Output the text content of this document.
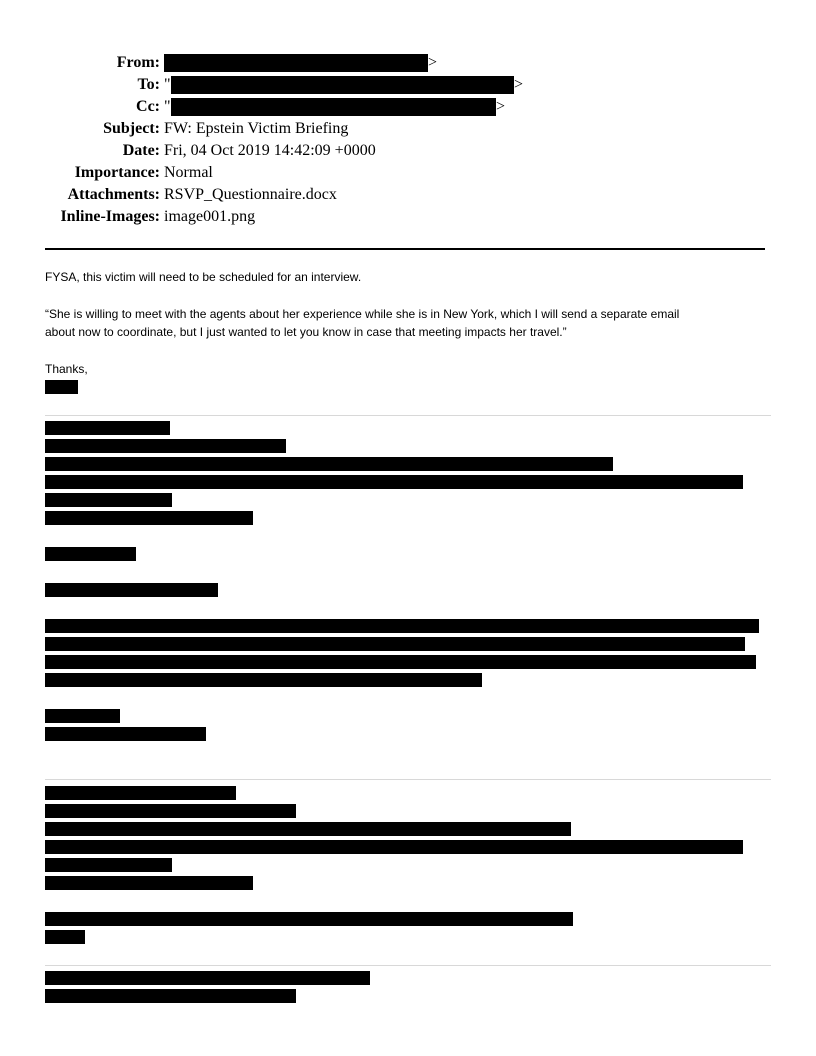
From:	>
To: "	>
Cc: "	>
Subject: FW: Epstein Victim Briefing
Date: Fri, 04 Oct 2019 14:42:09 +0000
Importance: Normal
Attachments: RSVP_Questionnaire.docx
Inline-Images: image001.png
FYSA, this victim will need to be scheduled for an interview.
“She is willing to meet with the agents about her experience while she is in New York, which I will send a separate email
about now to coordinate, but I just wanted to let you know in case that meeting impacts her travel.”
Thanks,
